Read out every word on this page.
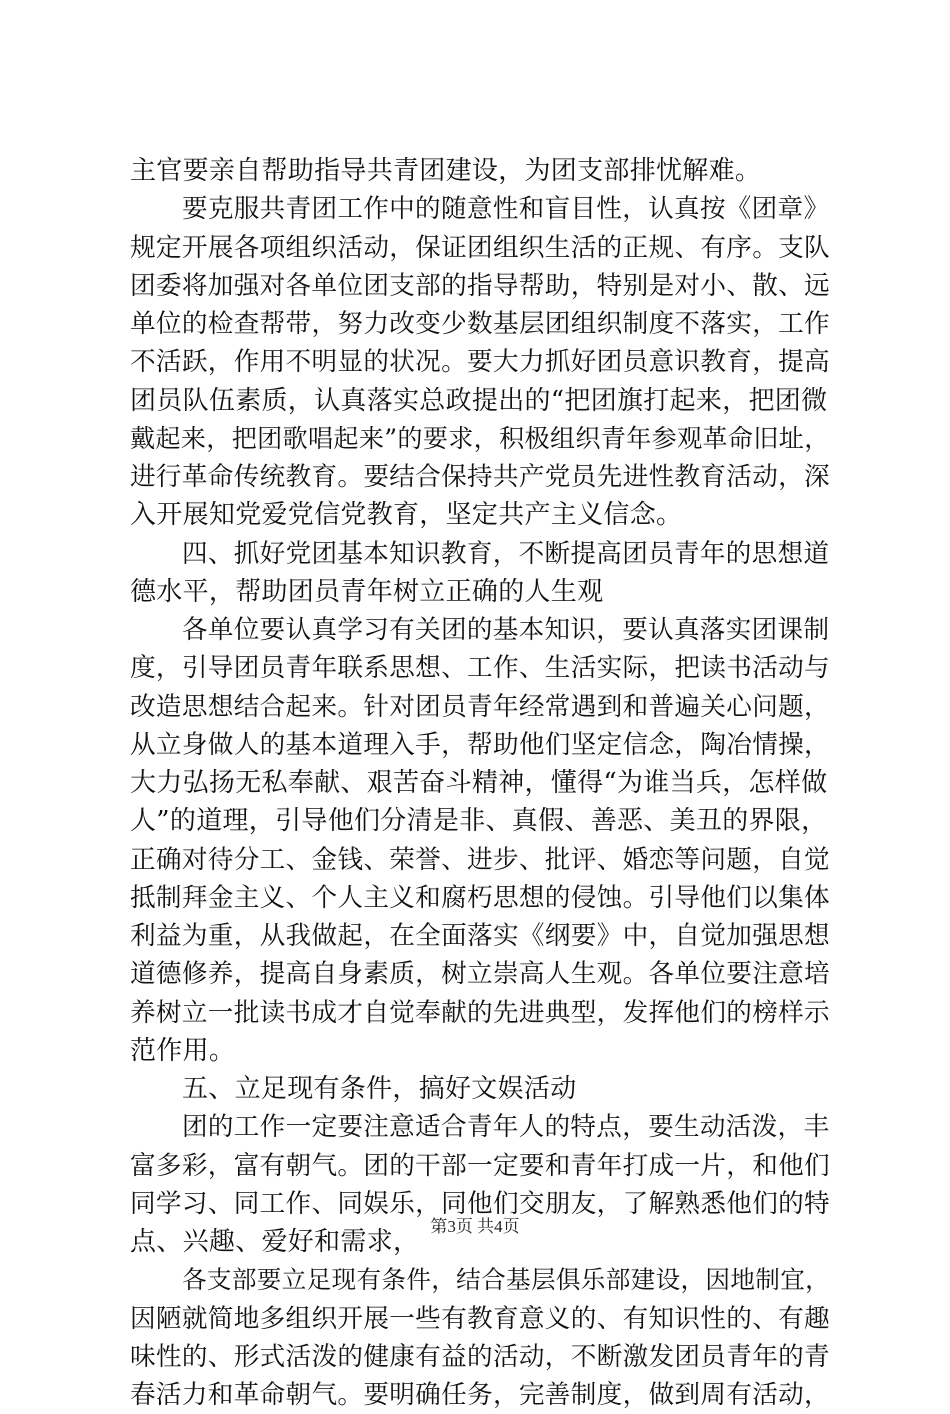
主官要亲自帮助指导共青团建设，为团支部排忧解难。
要克服共青团工作中的随意性和盲目性，认真按《团章》
规定开展各项组织活动，保证团组织生活的正规、有序。支队
团委将加强对各单位团支部的指导帮助，特别是对小、散、远
单位的检查帮带，努力改变少数基层团组织制度不落实，工作
不活跃，作用不明显的状况。要大力抓好团员意识教育，提高
团员队伍素质，认真落实总政提出的“把团旗打起来，把团微
戴起来，把团歌唱起来”的要求，积极组织青年参观革命旧址，
进行革命传统教育。要结合保持共产党员先进性教育活动，深
入开展知党爱党信党教育，坚定共产主义信念。
四、抓好党团基本知识教育，不断提高团员青年的思想道
德水平，帮助团员青年树立正确的人生观
各单位要认真学习有关团的基本知识，要认真落实团课制
度，引导团员青年联系思想、工作、生活实际，把读书活动与
改造思想结合起来。针对团员青年经常遇到和普遍关心问题，
从立身做人的基本道理入手，帮助他们坚定信念，陶冶情操，
大力弘扬无私奉献、艰苦奋斗精神，懂得“为谁当兵，怎样做
人”的道理，引导他们分清是非、真假、善恶、美丑的界限，
正确对待分工、金钱、荣誉、进步、批评、婚恋等问题，自觉
抵制拜金主义、个人主义和腐朽思想的侵蚀。引导他们以集体
利益为重，从我做起，在全面落实《纲要》中，自觉加强思想
道德修养，提高自身素质，树立崇高人生观。各单位要注意培
养树立一批读书成才自觉奉献的先进典型，发挥他们的榜样示
范作用。
五、立足现有条件，搞好文娱活动
团的工作一定要注意适合青年人的特点，要生动活泼，丰
富多彩，富有朝气。团的干部一定要和青年打成一片，和他们
同学习、同工作、同娱乐，同他们交朋友，了解熟悉他们的特
点、兴趣、爱好和需求，
各支部要立足现有条件，结合基层俱乐部建设，因地制宜，
因陋就简地多组织开展一些有教育意义的、有知识性的、有趣
味性的、形式活泼的健康有益的活动，不断激发团员青年的青
春活力和革命朝气。要明确任务，完善制度，做到周有活动，
第3页 共4页
